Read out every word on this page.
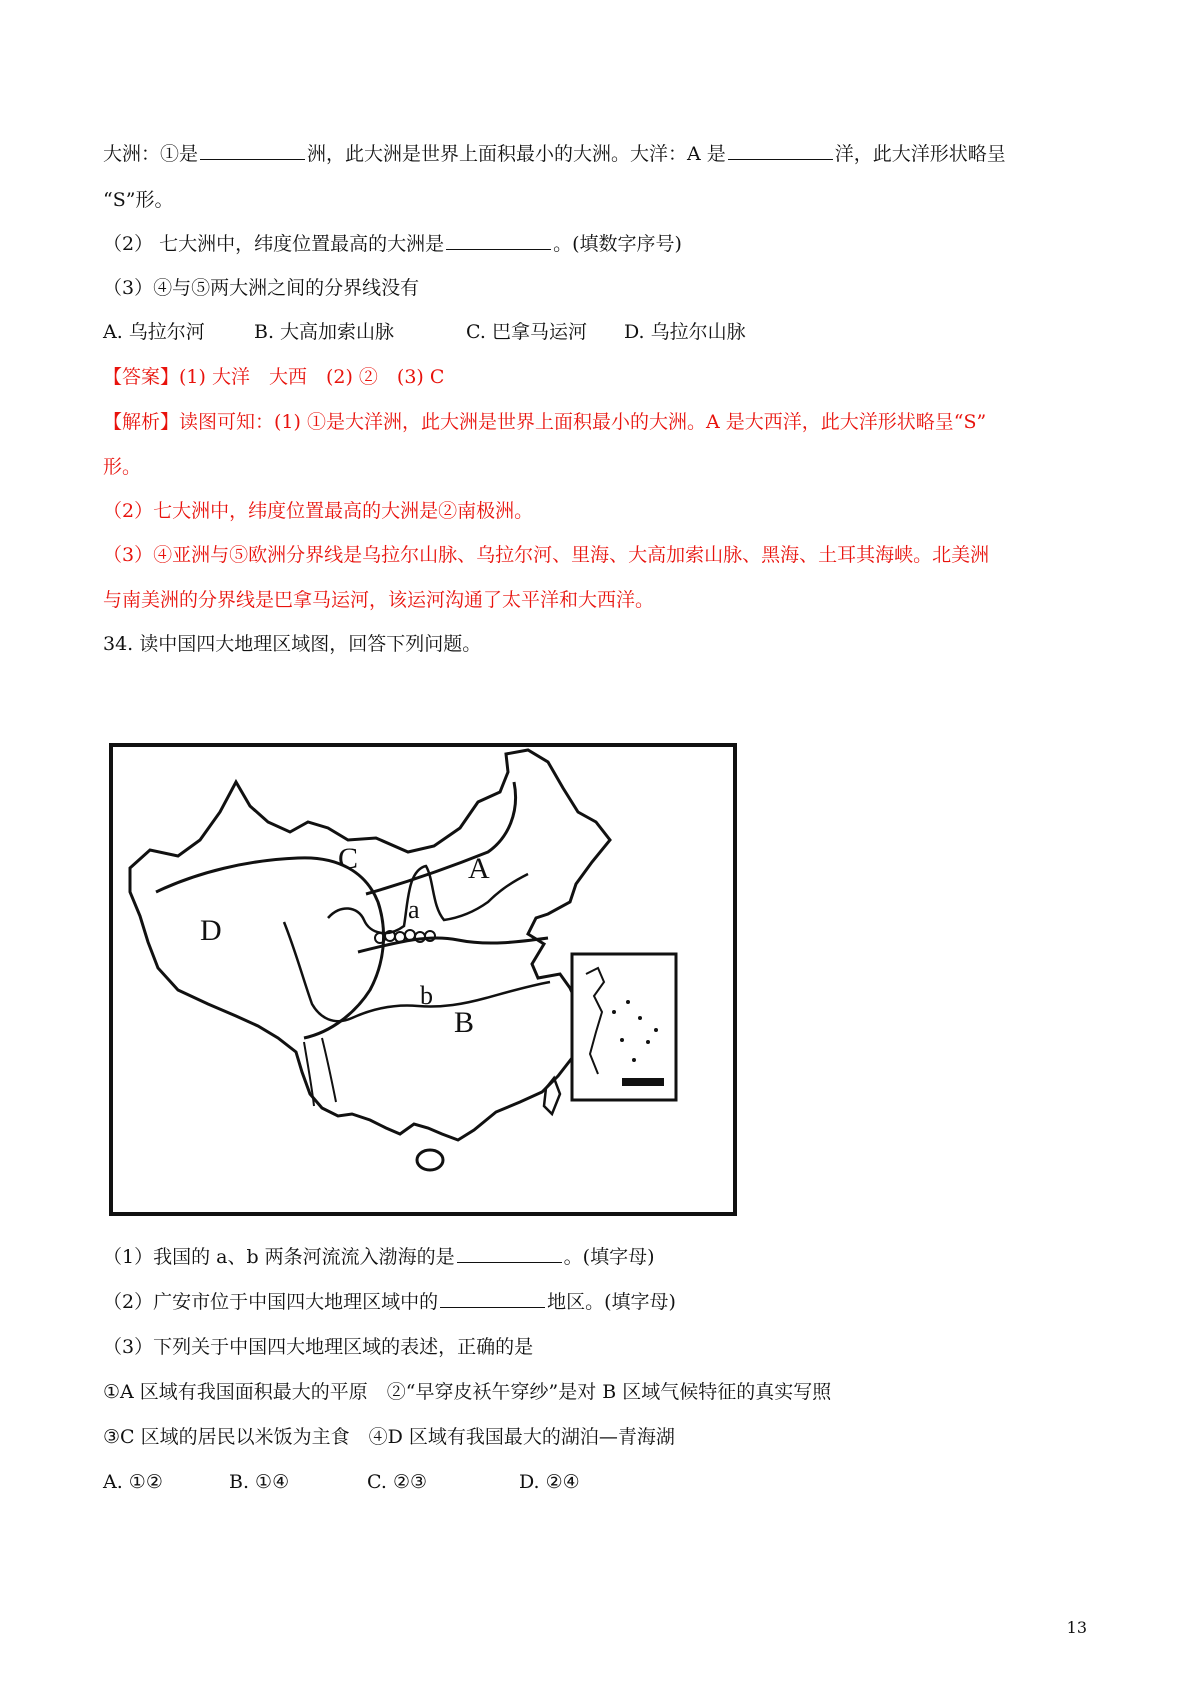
大洲：①是	洲，此大洲是世界上面积最小的大洲。大洋：A 是	洋，此大洋形状略呈
“S”形。
（2） 七大洲中，纬度位置最高的大洲是	。(填数字序号)
（3）④与⑤两大洲之间的分界线没有
A. 乌拉尔河	B. 大高加索山脉	C. 巴拿马运河 D. 乌拉尔山脉
【答案】(1) 大洋　大西　(2) ②　(3) C
【解析】读图可知：(1) ①是大洋洲，此大洲是世界上面积最小的大洲。A 是大西洋，此大洋形状略呈“S”
形。
（2）七大洲中，纬度位置最高的大洲是②南极洲。
（3）④亚洲与⑤欧洲分界线是乌拉尔山脉、乌拉尔河、里海、大高加索山脉、黑海、土耳其海峡。北美洲
与南美洲的分界线是巴拿马运河，该运河沟通了太平洋和大西洋。
34. 读中国四大地理区域图，回答下列问题。
C	A
D
a
b
B
（1）我国的 a、b 两条河流流入渤海的是	。(填字母)
（2）广安市位于中国四大地理区域中的	地区。(填字母)
（3）下列关于中国四大地理区域的表述，正确的是
①A 区域有我国面积最大的平原　②“早穿皮袄午穿纱”是对 B 区域气候特征的真实写照
③C 区域的居民以米饭为主食　④D 区域有我国最大的湖泊—青海湖
A. ①②	B. ①④	C. ②③	D. ②④
13
